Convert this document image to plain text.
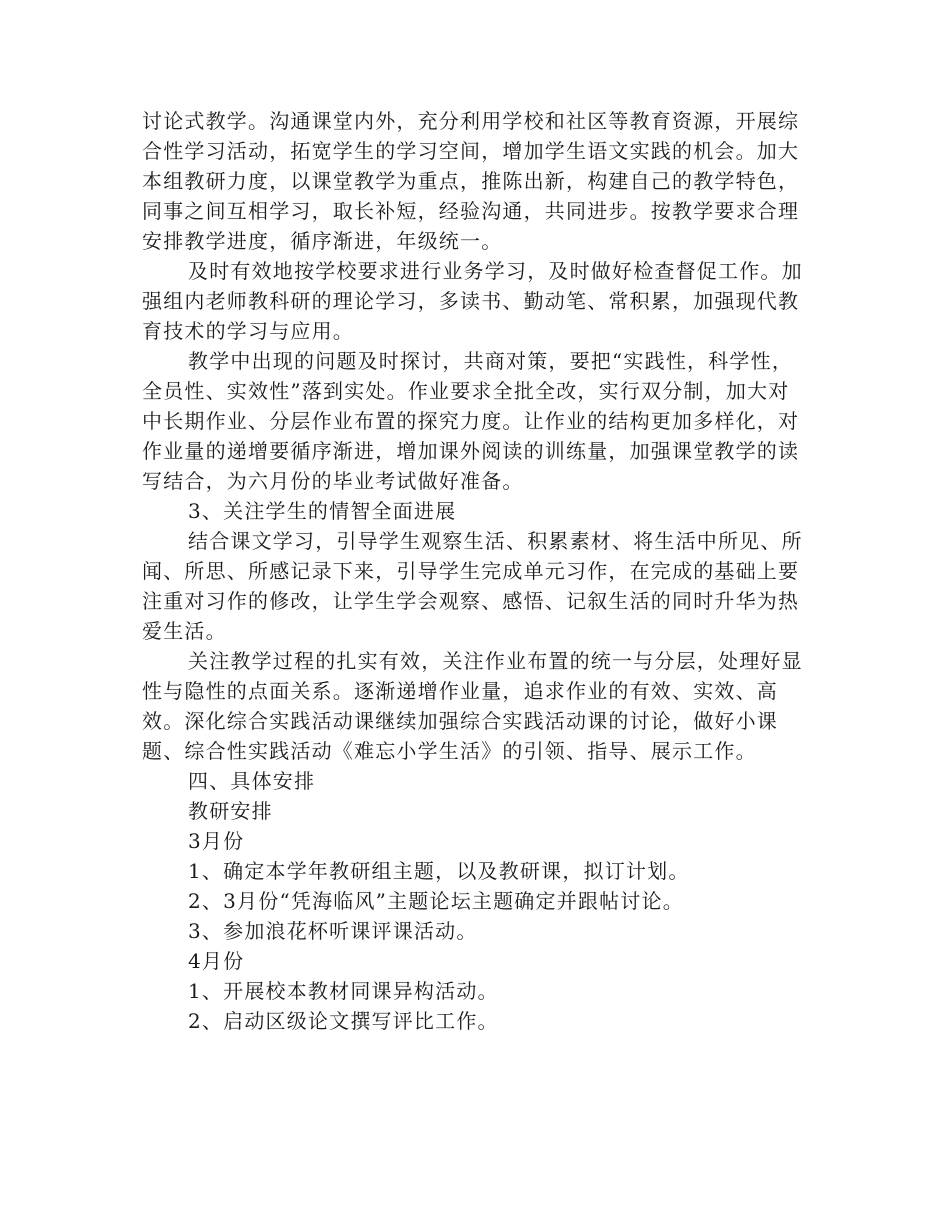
讨论式教学。沟通课堂内外，充分利用学校和社区等教育资源，开展综合性学习活动，拓宽学生的学习空间，增加学生语文实践的机会。加大本组教研力度，以课堂教学为重点，推陈出新，构建自己的教学特色，同事之间互相学习，取长补短，经验沟通，共同进步。按教学要求合理安排教学进度，循序渐进，年级统一。

及时有效地按学校要求进行业务学习，及时做好检查督促工作。加强组内老师教科研的理论学习，多读书、勤动笔、常积累，加强现代教育技术的学习与应用。

教学中出现的问题及时探讨，共商对策，要把“实践性，科学性，全员性、实效性”落到实处。作业要求全批全改，实行双分制，加大对中长期作业、分层作业布置的探究力度。让作业的结构更加多样化，对作业量的递增要循序渐进，增加课外阅读的训练量，加强课堂教学的读写结合，为六月份的毕业考试做好准备。

3、关注学生的情智全面进展

结合课文学习，引导学生观察生活、积累素材、将生活中所见、所闻、所思、所感记录下来，引导学生完成单元习作，在完成的基础上要注重对习作的修改，让学生学会观察、感悟、记叙生活的同时升华为热爱生活。

关注教学过程的扎实有效，关注作业布置的统一与分层，处理好显性与隐性的点面关系。逐渐递增作业量，追求作业的有效、实效、高效。深化综合实践活动课继续加强综合实践活动课的讨论，做好小课题、综合性实践活动《难忘小学生活》的引领、指导、展示工作。

四、具体安排

教研安排

3月份

1、确定本学年教研组主题，以及教研课，拟订计划。

2、3月份“凭海临风”主题论坛主题确定并跟帖讨论。

3、参加浪花杯听课评课活动。

4月份

1、开展校本教材同课异构活动。

2、启动区级论文撰写评比工作。
